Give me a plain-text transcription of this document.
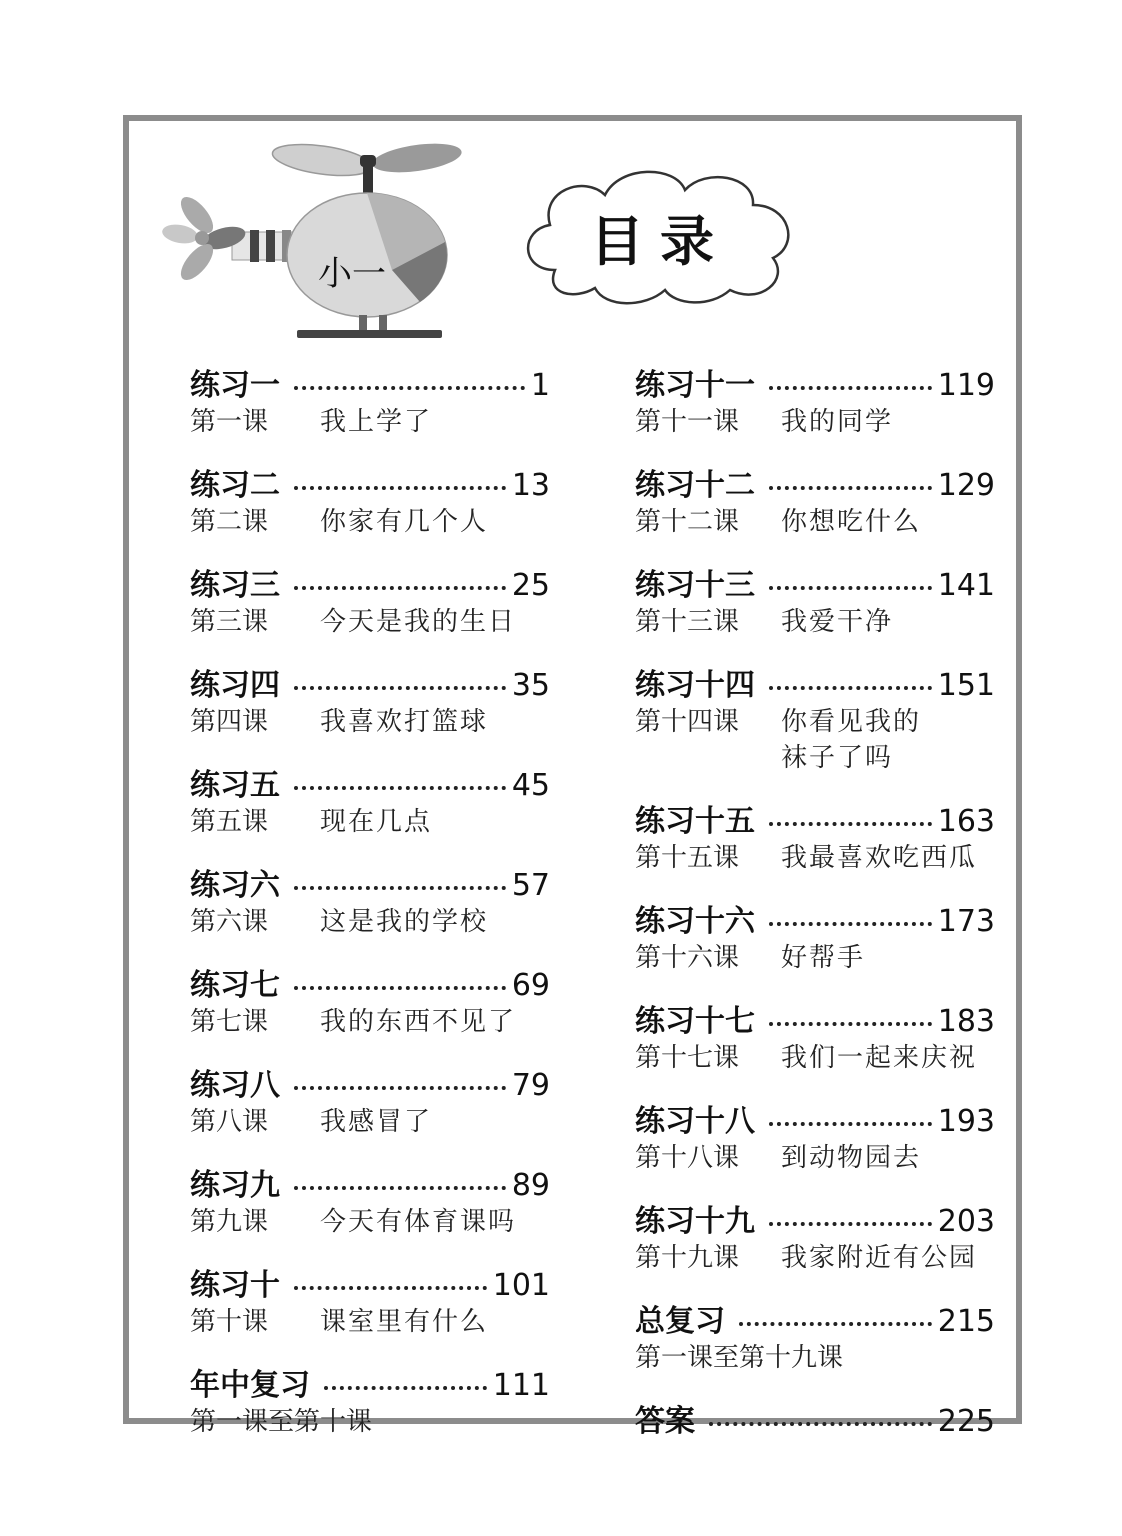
小一
目录
练习一	1
第一课	我上学了
练习二	13
第二课	你家有几个人
练习三	25
第三课	今天是我的生日
练习四	35
第四课	我喜欢打篮球
练习五	45
第五课	现在几点
练习六	57
第六课	这是我的学校
练习七	69
第七课	我的东西不见了
练习八	79
第八课	我感冒了
练习九	89
第九课	今天有体育课吗
练习十	101
第十课	课室里有什么
年中复习	111
第一课至第十课
练习十一	119
第十一课	我的同学
练习十二	129
第十二课	你想吃什么
练习十三	141
第十三课	我爱干净
练习十四	151
第十四课	你看见我的
袜子了吗
练习十五	163
第十五课	我最喜欢吃西瓜
练习十六	173
第十六课	好帮手
练习十七	183
第十七课	我们一起来庆祝
练习十八	193
第十八课	到动物园去
练习十九	203
第十九课	我家附近有公园
总复习	215
第一课至第十九课
答案	225
